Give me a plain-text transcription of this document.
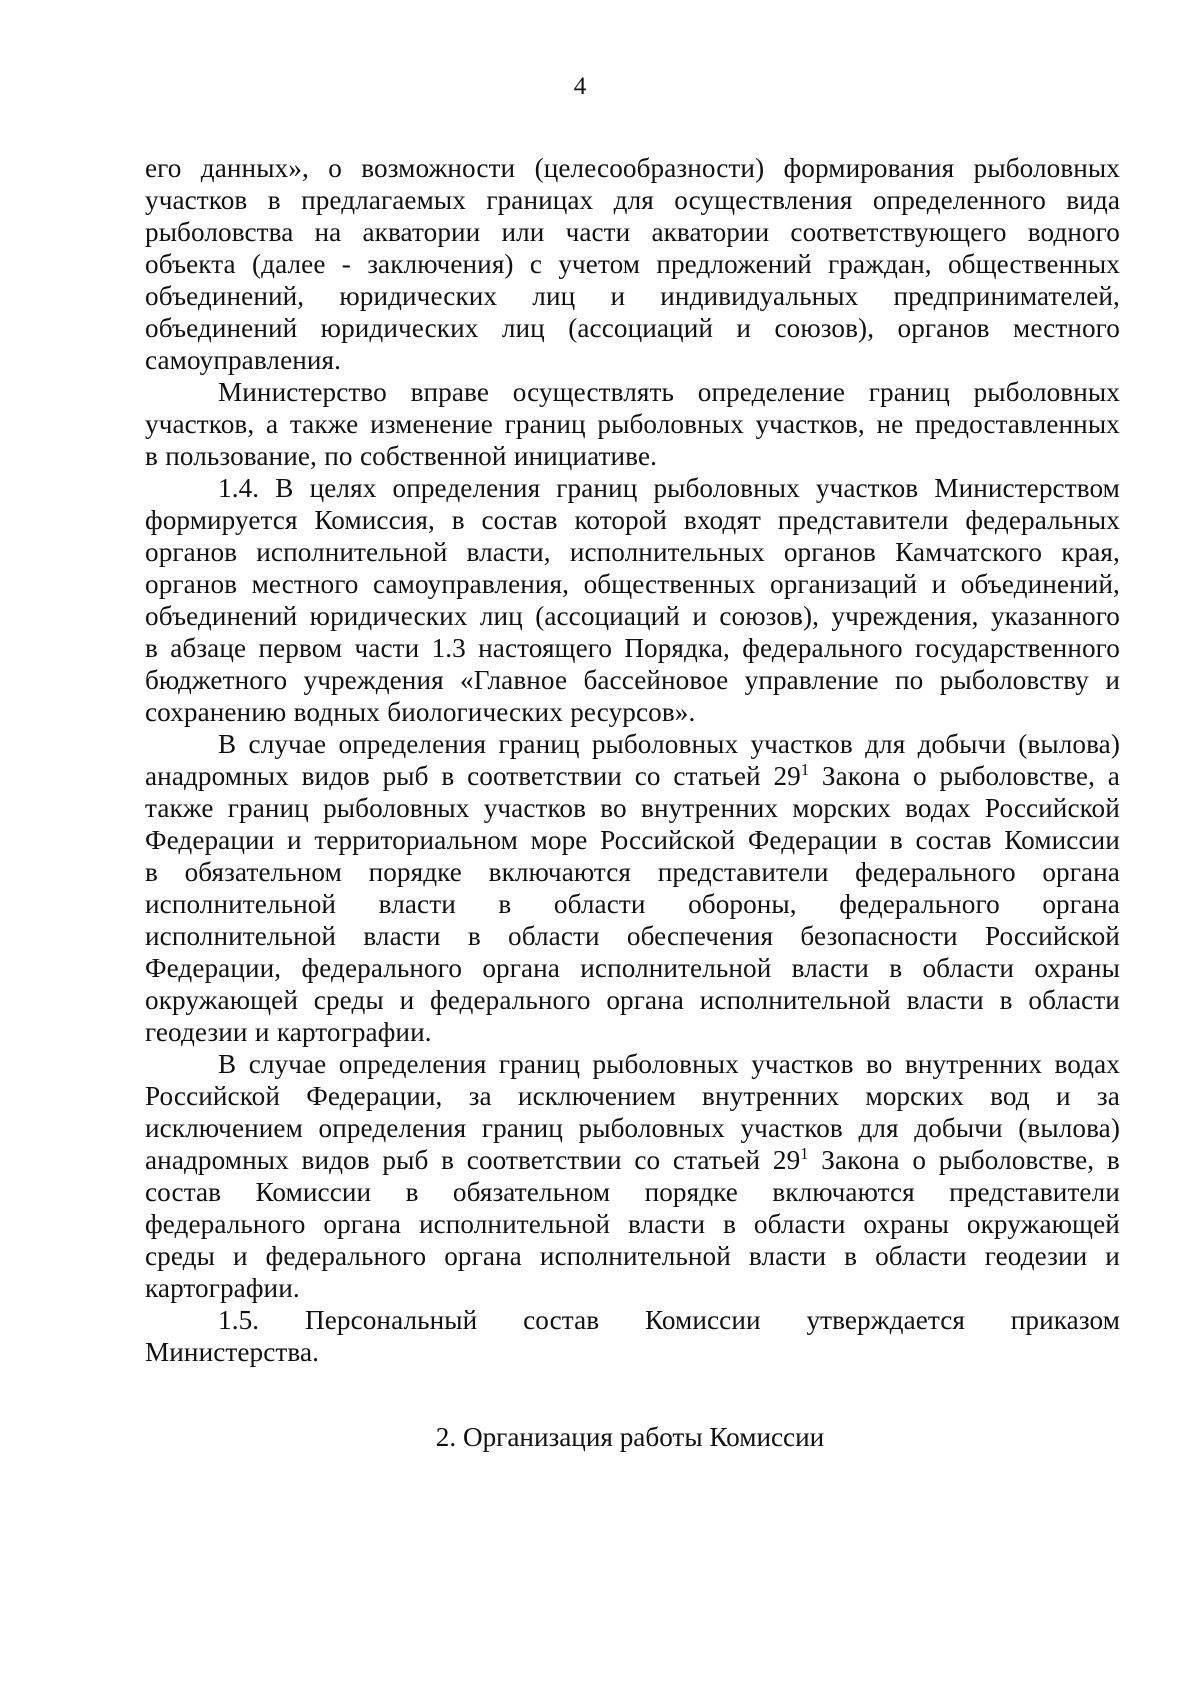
4
его данных», о возможности (целесообразности) формирования рыболовных
участков в предлагаемых границах для осуществления определенного вида
рыболовства на акватории или части акватории соответствующего водного
объекта (далее - заключения) с учетом предложений граждан, общественных
объединений, юридических лиц и индивидуальных предпринимателей,
объединений юридических лиц (ассоциаций и союзов), органов местного
самоуправления.
Министерство вправе осуществлять определение границ рыболовных
участков, а также изменение границ рыболовных участков, не предоставленных
в пользование, по собственной инициативе.
1.4. В целях определения границ рыболовных участков Министерством
формируется Комиссия, в состав которой входят представители федеральных
органов исполнительной власти, исполнительных органов Камчатского края,
органов местного самоуправления, общественных организаций и объединений,
объединений юридических лиц (ассоциаций и союзов), учреждения, указанного
в абзаце первом части 1.3 настоящего Порядка, федерального государственного
бюджетного учреждения «Главное бассейновое управление по рыболовству и
сохранению водных биологических ресурсов».
В случае определения границ рыболовных участков для добычи (вылова)
анадромных видов рыб в соответствии со статьей $29^1$ Закона о рыболовстве, а
также границ рыболовных участков во внутренних морских водах Российской
Федерации и территориальном море Российской Федерации в состав Комиссии
в обязательном порядке включаются представители федерального органа
исполнительной власти в области обороны, федерального органа
исполнительной власти в области обеспечения безопасности Российской
Федерации, федерального органа исполнительной власти в области охраны
окружающей среды и федерального органа исполнительной власти в области
геодезии и картографии.
В случае определения границ рыболовных участков во внутренних водах
Российской Федерации, за исключением внутренних морских вод и за
исключением определения границ рыболовных участков для добычи (вылова)
анадромных видов рыб в соответствии со статьей $29^1$ Закона о рыболовстве, в
состав Комиссии в обязательном порядке включаются представители
федерального органа исполнительной власти в области охраны окружающей
среды и федерального органа исполнительной власти в области геодезии и
картографии.
1.5. Персональный состав Комиссии утверждается приказом
Министерства.
2. Организация работы Комиссии
